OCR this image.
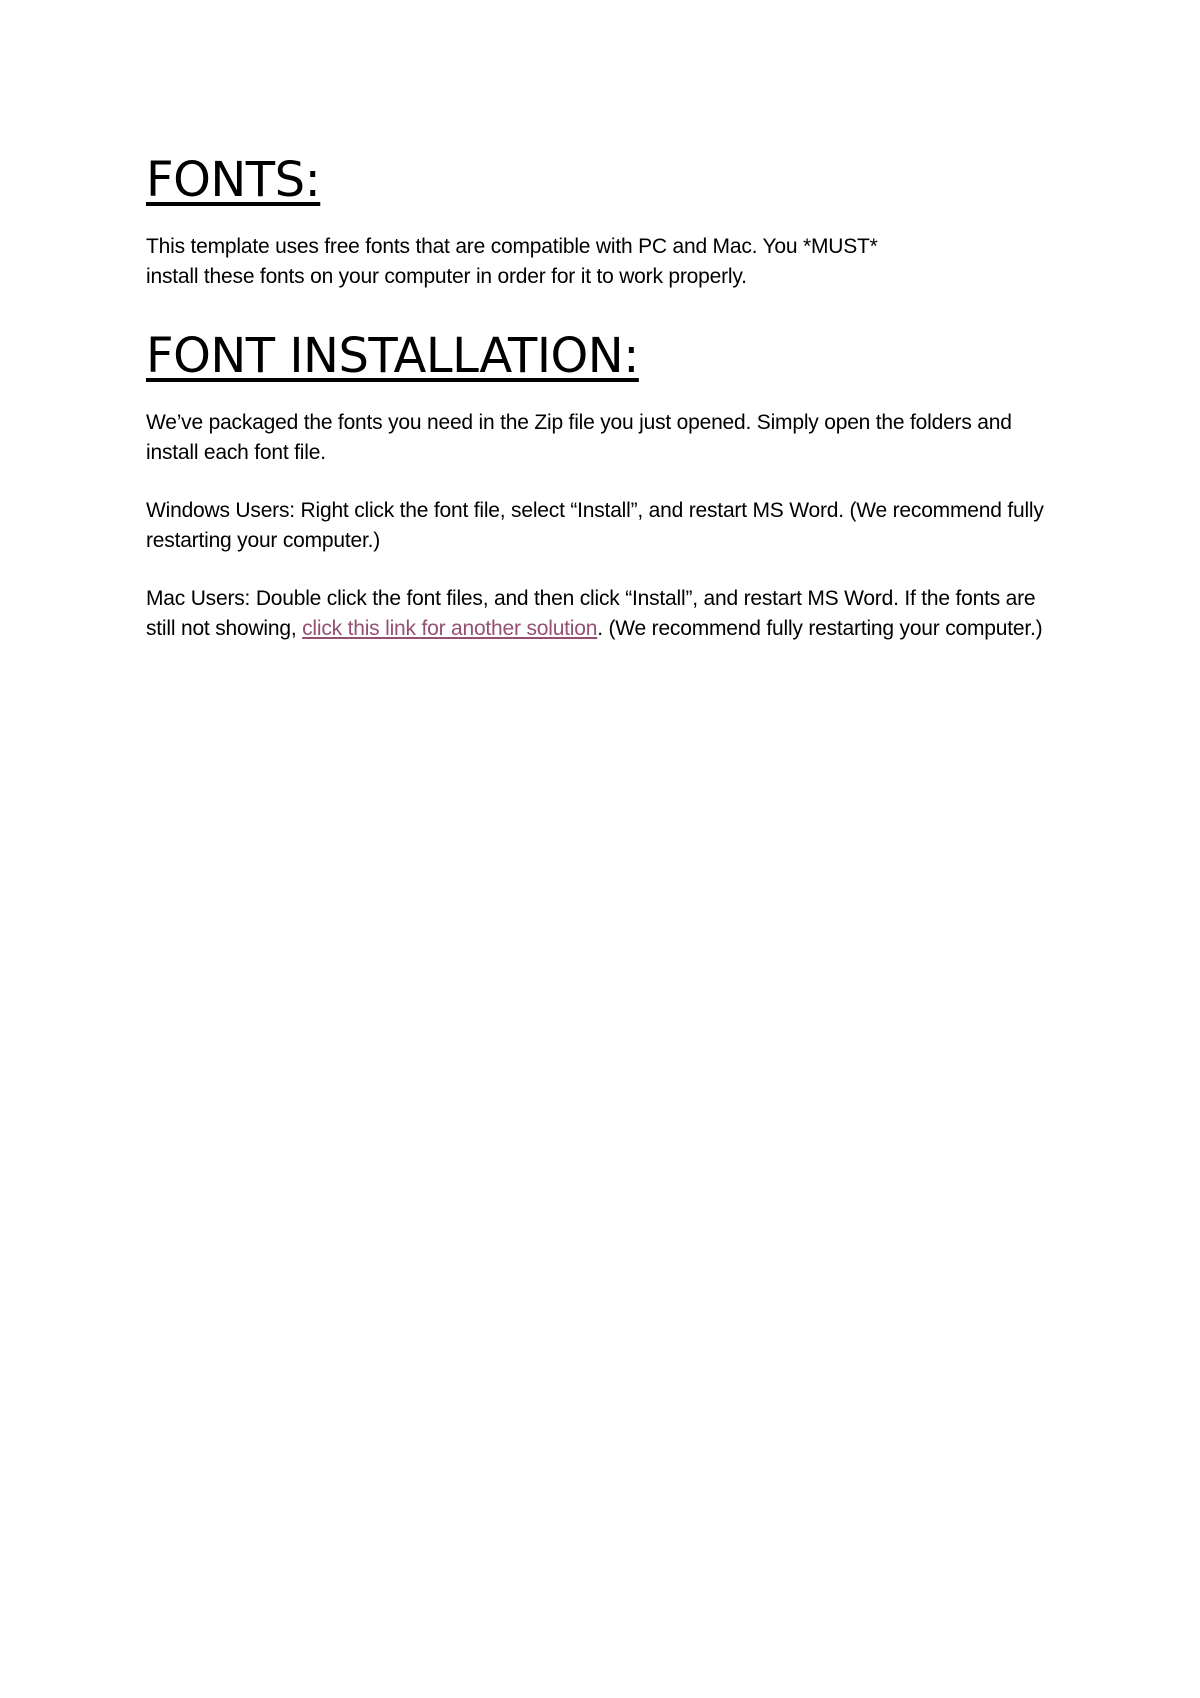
FONTS:

This template uses free fonts that are compatible with PC and Mac. You *MUST*
install these fonts on your computer in order for it to work properly.

FONT INSTALLATION:

We’ve packaged the fonts you need in the Zip file you just opened. Simply open the folders and install each font file.

Windows Users: Right click the font file, select “Install”, and restart MS Word. (We recommend fully restarting your computer.)

Mac Users: Double click the font files, and then click “Install”, and restart MS Word. If the fonts are still not showing, click this link for another solution. (We recommend fully restarting your computer.)
